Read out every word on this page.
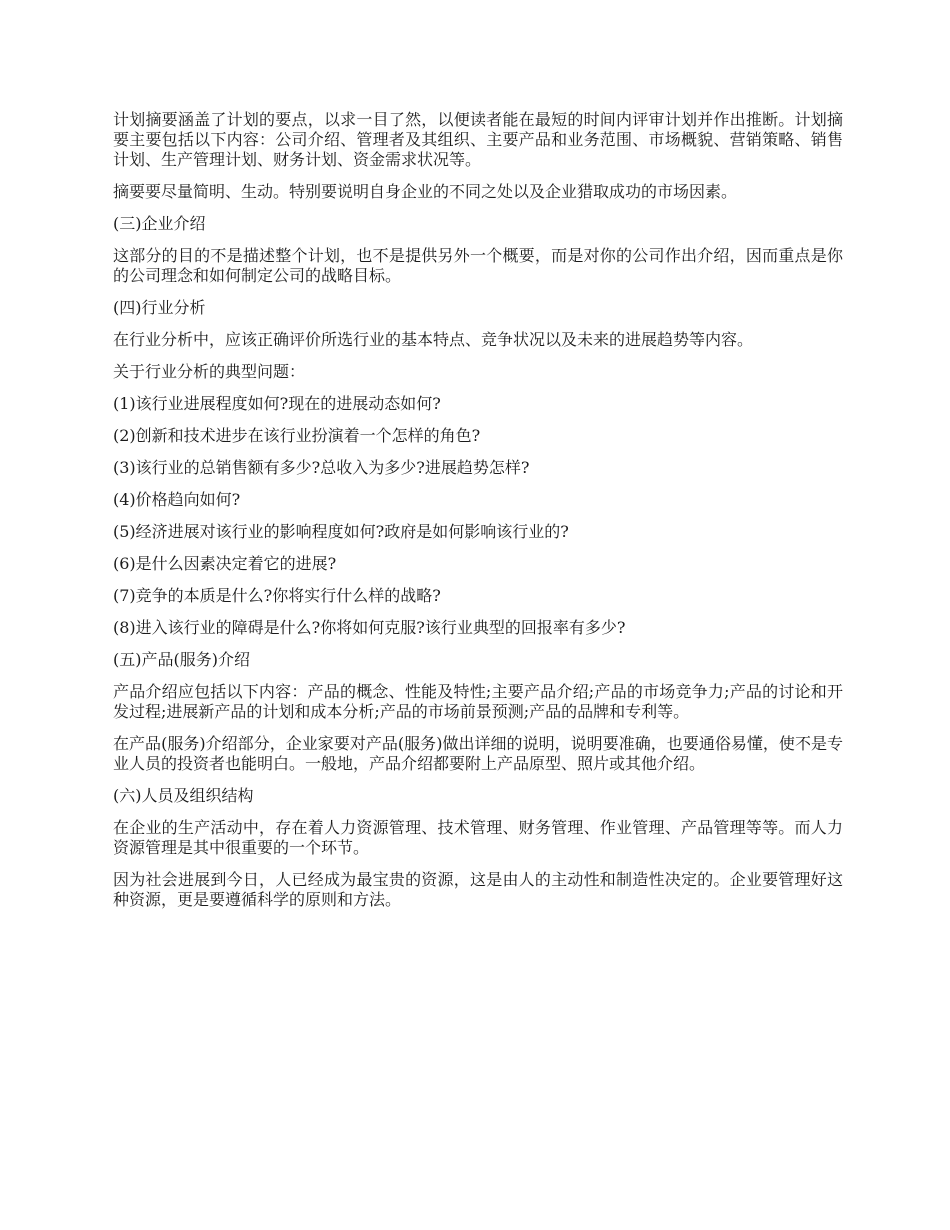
计划摘要涵盖了计划的要点，以求一目了然，以便读者能在最短的时间内评审计划并作出推断。计划摘要主要包括以下内容：公司介绍、管理者及其组织、主要产品和业务范围、市场概貌、营销策略、销售计划、生产管理计划、财务计划、资金需求状况等。

摘要要尽量简明、生动。特别要说明自身企业的不同之处以及企业猎取成功的市场因素。

(三)企业介绍

这部分的目的不是描述整个计划，也不是提供另外一个概要，而是对你的公司作出介绍，因而重点是你的公司理念和如何制定公司的战略目标。

(四)行业分析

在行业分析中，应该正确评价所选行业的基本特点、竞争状况以及未来的进展趋势等内容。

关于行业分析的典型问题：

(1)该行业进展程度如何?现在的进展动态如何?

(2)创新和技术进步在该行业扮演着一个怎样的角色?

(3)该行业的总销售额有多少?总收入为多少?进展趋势怎样?

(4)价格趋向如何?

(5)经济进展对该行业的影响程度如何?政府是如何影响该行业的?

(6)是什么因素决定着它的进展?

(7)竞争的本质是什么?你将实行什么样的战略?

(8)进入该行业的障碍是什么?你将如何克服?该行业典型的回报率有多少?

(五)产品(服务)介绍

产品介绍应包括以下内容：产品的概念、性能及特性;主要产品介绍;产品的市场竞争力;产品的讨论和开发过程;进展新产品的计划和成本分析;产品的市场前景预测;产品的品牌和专利等。

在产品(服务)介绍部分，企业家要对产品(服务)做出详细的说明，说明要准确，也要通俗易懂，使不是专业人员的投资者也能明白。一般地，产品介绍都要附上产品原型、照片或其他介绍。

(六)人员及组织结构

在企业的生产活动中，存在着人力资源管理、技术管理、财务管理、作业管理、产品管理等等。而人力资源管理是其中很重要的一个环节。

因为社会进展到今日，人已经成为最宝贵的资源，这是由人的主动性和制造性决定的。企业要管理好这种资源，更是要遵循科学的原则和方法。
